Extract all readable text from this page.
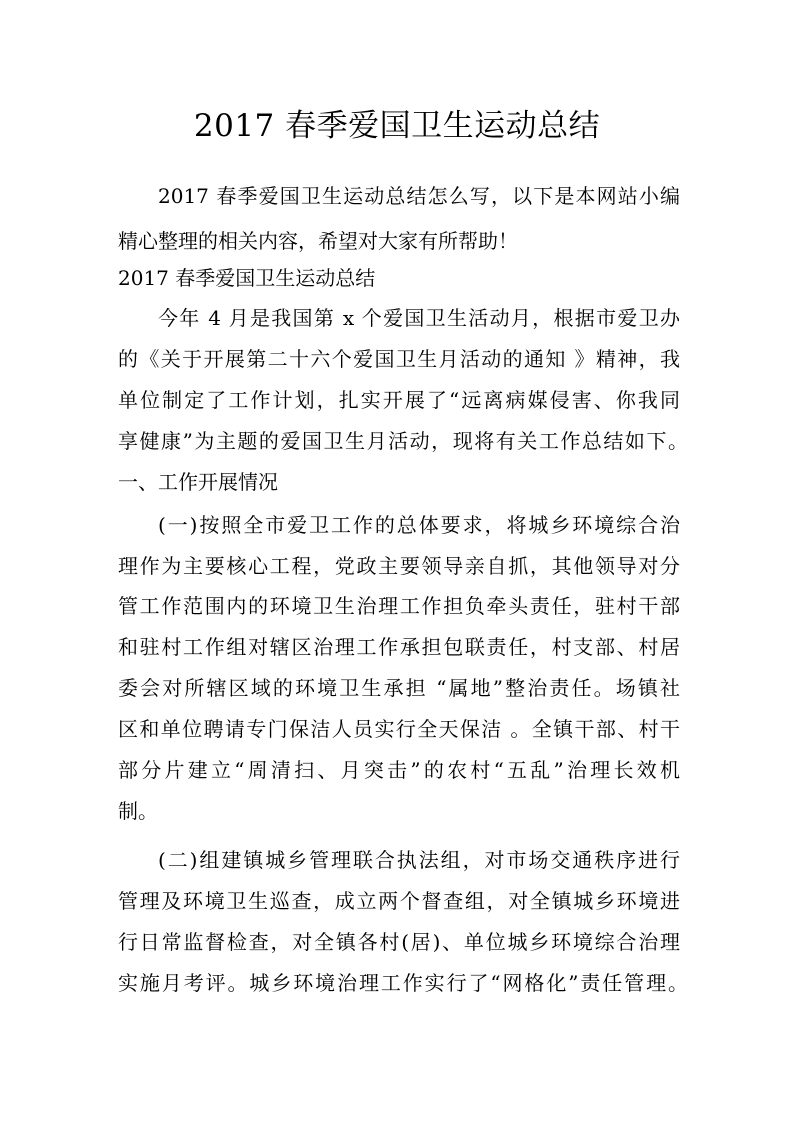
2017 春季爱国卫生运动总结
2017 春季爱国卫生运动总结怎么写，以下是本网站小编
精心整理的相关内容，希望对大家有所帮助！
2017 春季爱国卫生运动总结
今年 4 月是我国第 x 个爱国卫生活动月，根据市爱卫办
的《关于开展第二十六个爱国卫生月活动的通知 》精神，我
单位制定了工作计划，扎实开展了“远离病媒侵害、你我同
享健康”为主题的爱国卫生月活动，现将有关工作总结如下。
一、工作开展情况
(一)按照全市爱卫工作的总体要求，将城乡环境综合治
理作为主要核心工程，党政主要领导亲自抓，其他领导对分
管工作范围内的环境卫生治理工作担负牵头责任，驻村干部
和驻村工作组对辖区治理工作承担包联责任，村支部、村居
委会对所辖区域的环境卫生承担 “属地”整治责任。场镇社
区和单位聘请专门保洁人员实行全天保洁 。全镇干部、村干
部分片建立“周清扫、月突击”的农村“五乱”治理长效机
制。
(二)组建镇城乡管理联合执法组，对市场交通秩序进行
管理及环境卫生巡查，成立两个督查组，对全镇城乡环境进
行日常监督检查，对全镇各村(居)、单位城乡环境综合治理
实施月考评。城乡环境治理工作实行了“网格化”责任管理。
